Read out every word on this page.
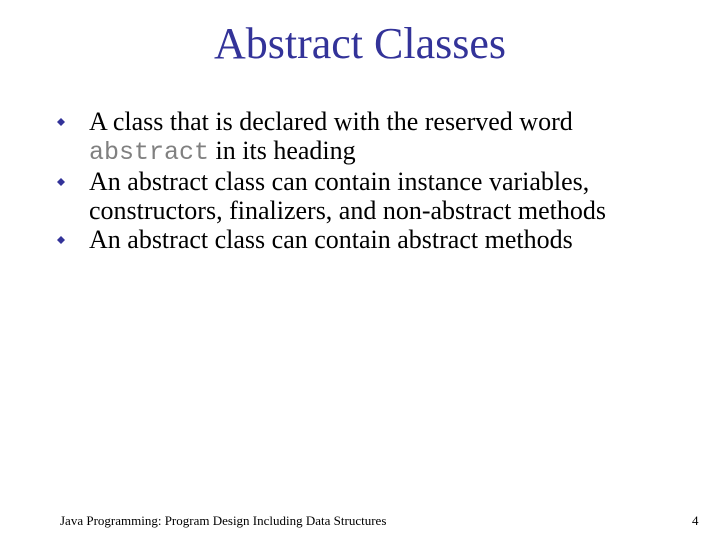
Abstract Classes
A class that is declared with the reserved word abstract in its heading
An abstract class can contain instance variables, constructors, finalizers, and non-abstract methods
An abstract class can contain abstract methods

Java Programming: Program Design Including Data Structures	4
